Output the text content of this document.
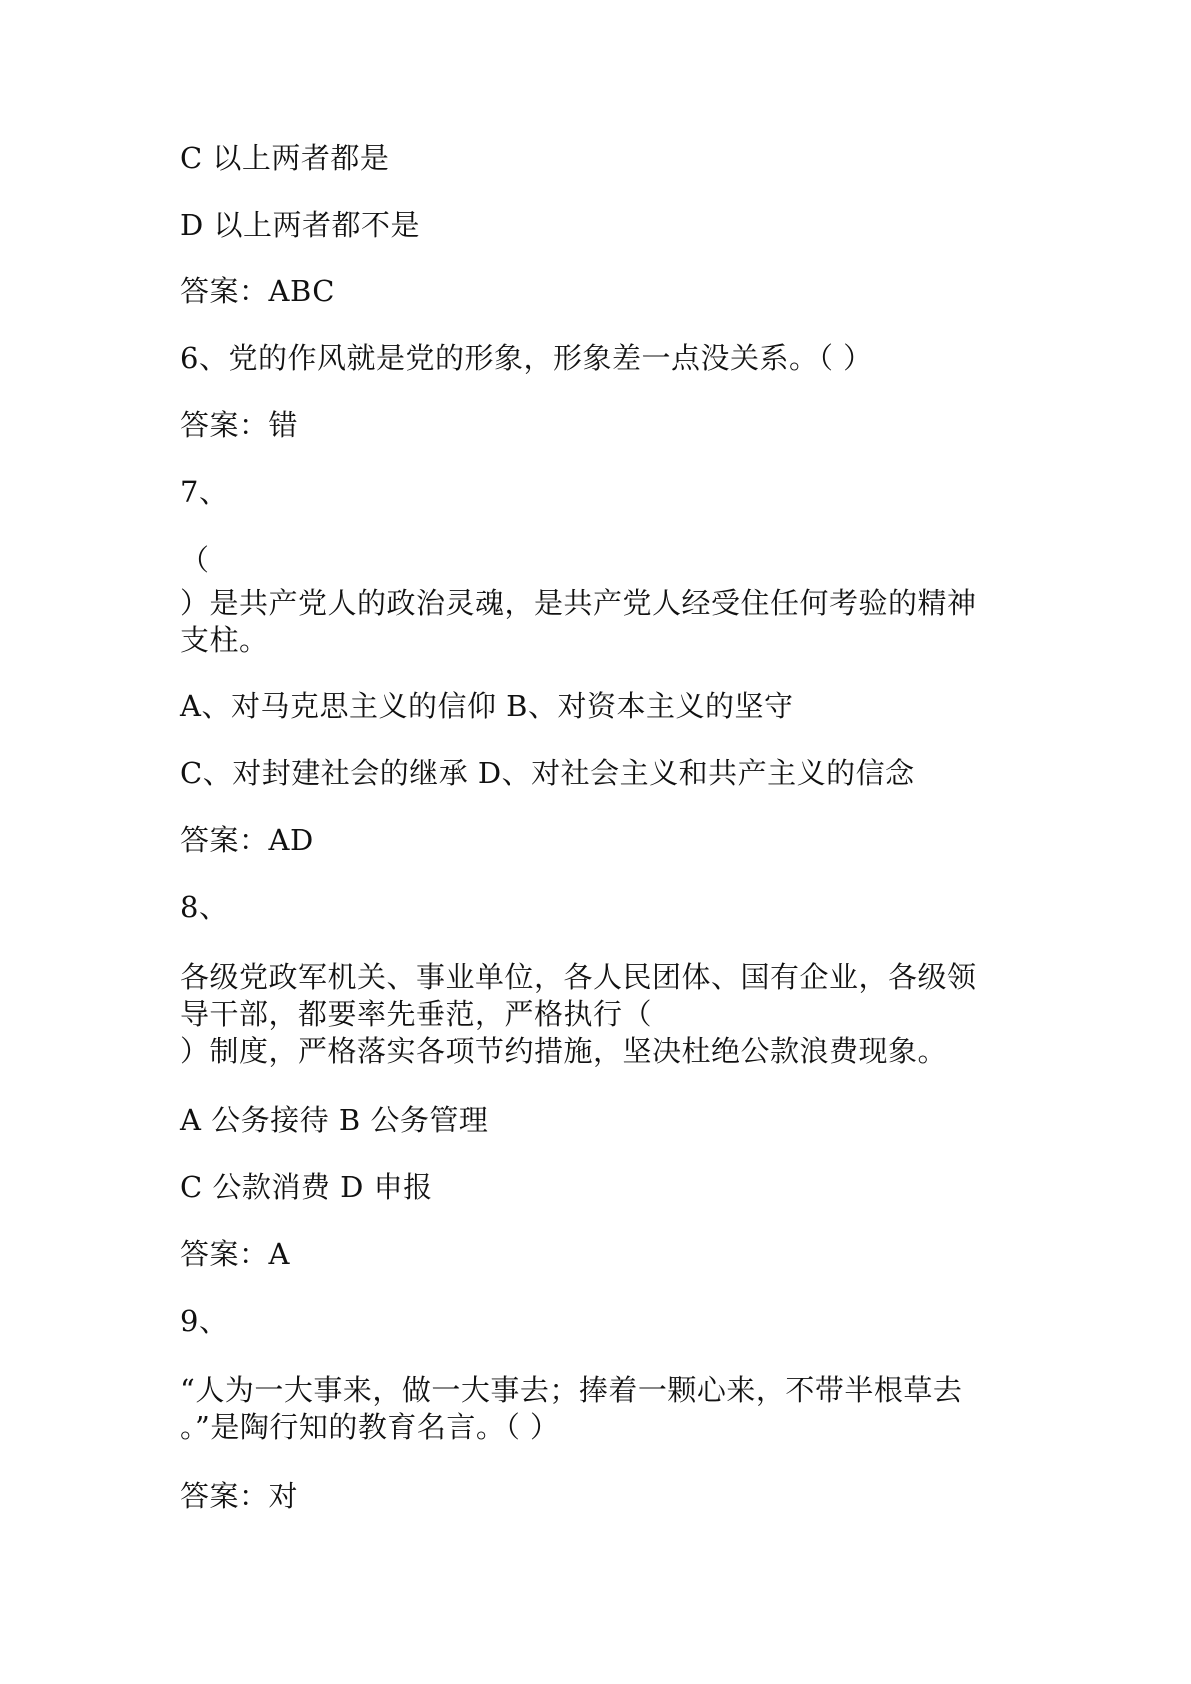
C 以上两者都是
D 以上两者都不是
答案：ABC
6、党的作风就是党的形象，形象差一点没关系。（ ）
答案：错
7、
（
）是共产党人的政治灵魂，是共产党人经受住任何考验的精神
支柱。
A、对马克思主义的信仰 B、对资本主义的坚守
C、对封建社会的继承 D、对社会主义和共产主义的信念
答案：AD
8、
各级党政军机关、事业单位，各人民团体、国有企业，各级领
导干部，都要率先垂范，严格执行（
）制度，严格落实各项节约措施，坚决杜绝公款浪费现象。
A 公务接待 B 公务管理
C 公款消费 D 申报
答案：A
9、
“人为一大事来，做一大事去；捧着一颗心来，不带半根草去
。”是陶行知的教育名言。（ ）
答案：对
